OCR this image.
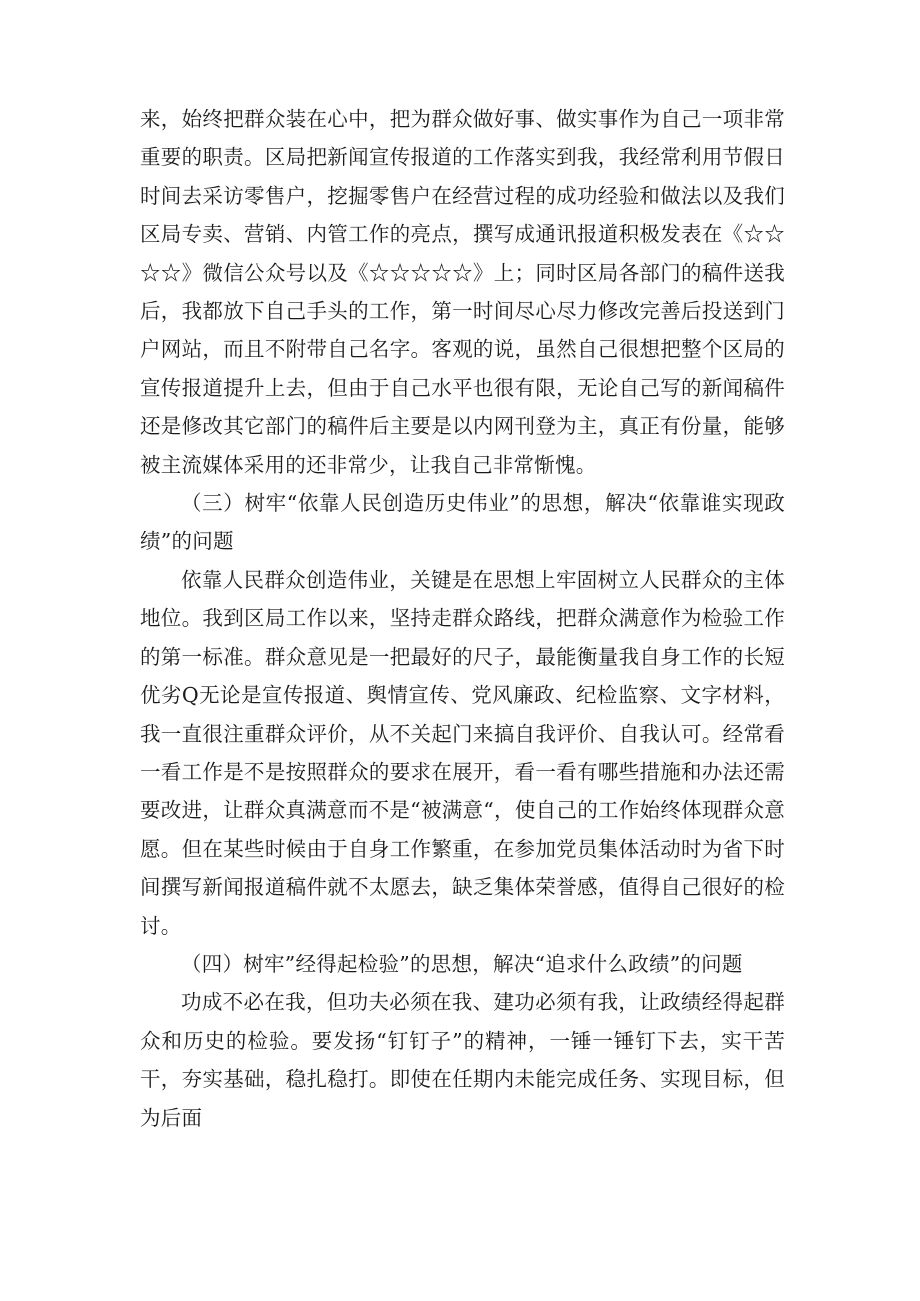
来，始终把群众装在心中，把为群众做好事、做实事作为自己一项非常重要的职责。区局把新闻宣传报道的工作落实到我，我经常利用节假日时间去采访零售户，挖掘零售户在经营过程的成功经验和做法以及我们区局专卖、营销、内管工作的亮点，撰写成通讯报道积极发表在《☆☆☆☆》微信公众号以及《☆☆☆☆☆》上；同时区局各部门的稿件送我后，我都放下自己手头的工作，第一时间尽心尽力修改完善后投送到门户网站，而且不附带自己名字。客观的说，虽然自己很想把整个区局的宣传报道提升上去，但由于自己水平也很有限，无论自己写的新闻稿件还是修改其它部门的稿件后主要是以内网刊登为主，真正有份量，能够被主流媒体采用的还非常少，让我自己非常惭愧。

（三）树牢“依靠人民创造历史伟业”的思想，解决“依靠谁实现政绩”的问题

依靠人民群众创造伟业，关键是在思想上牢固树立人民群众的主体地位。我到区局工作以来，坚持走群众路线，把群众满意作为检验工作的第一标准。群众意见是一把最好的尺子，最能衡量我自身工作的长短优劣Q无论是宣传报道、舆情宣传、党风廉政、纪检监察、文字材料，我一直很注重群众评价，从不关起门来搞自我评价、自我认可。经常看一看工作是不是按照群众的要求在展开，看一看有哪些措施和办法还需要改进，让群众真满意而不是“被满意“，使自己的工作始终体现群众意愿。但在某些时候由于自身工作繁重，在参加党员集体活动时为省下时间撰写新闻报道稿件就不太愿去，缺乏集体荣誉感，值得自己很好的检讨。

（四）树牢”经得起检验”的思想，解决“追求什么政绩”的问题

功成不必在我，但功夫必须在我、建功必须有我，让政绩经得起群众和历史的检验。要发扬“钉钉子”的精神，一锤一锤钉下去，实干苦干，夯实基础，稳扎稳打。即使在任期内未能完成任务、实现目标，但为后面
